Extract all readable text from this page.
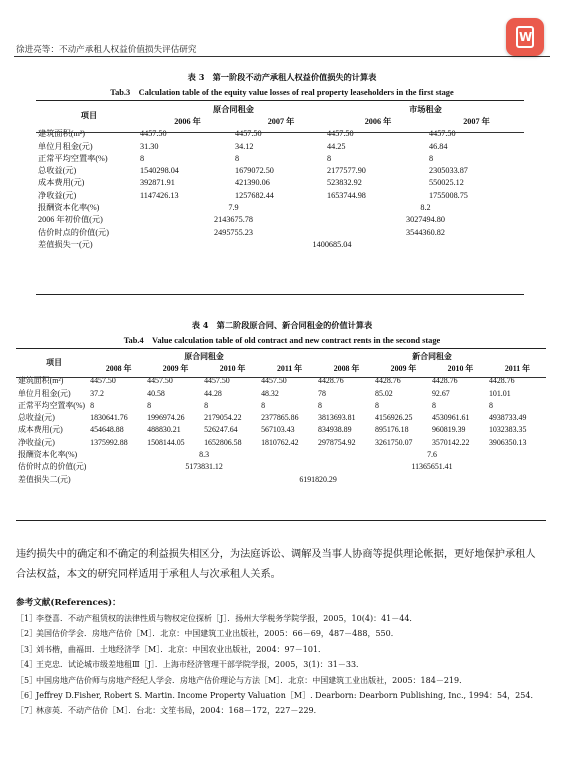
徐进亮等：不动产承租人权益价值损失评估研究
W
表 3　第一阶段不动产承租人权益价值损失的计算表
Tab.3　Calculation table of the equity value losses of real property leaseholders in the first stage
项目	原合同租金		市场租金	
	2006 年	2007 年	2006 年	2007 年
建筑面积(m²)	4457.50	4457.50	4457.50	4457.50
单位月租金(元)	31.30	34.12	44.25	46.84
正常平均空置率(%)	8	8	8	8
总收益(元)	1540298.04	1679072.50	2177577.90	2305033.87
成本费用(元)	392871.91	421390.06	523832.92	550025.12
净收益(元)	1147426.13	1257682.44	1653744.98	1755008.75
报酬资本化率(%)	7.9		8.2	
2006 年初价值(元)	2143675.78		3027494.80	
估价时点的价值(元)	2495755.23		3544360.82	
差值损失一(元)	1400685.04			
表 4　第二阶段原合同、新合同租金的价值计算表
Tab.4　Value calculation table of old contract and new contract rents in the second stage
项目	原合同租金				新合同租金			
	2008 年	2009 年	2010 年	2011 年	2008 年	2009 年	2010 年	2011 年
建筑面积(m²)	4457.50	4457.50	4457.50	4457.50	4428.76	4428.76	4428.76	4428.76
单位月租金(元)	37.2	40.58	44.28	48.32	78	85.02	92.67	101.01
正常平均空置率(%)	8	8	8	8	8	8	8	8
总收益(元)	1830641.76	1996974.26	2179054.22	2377865.86	3813693.81	4156926.25	4530961.61	4938733.49
成本费用(元)	454648.88	488830.21	526247.64	567103.43	834938.89	895176.18	960819.39	1032383.35
净收益(元)	1375992.88	1508144.05	1652806.58	1810762.42	2978754.92	3261750.07	3570142.22	3906350.13
报酬资本化率(%)	8.3				7.6			
估价时点的价值(元)	5173831.12				11365651.41			
差值损失二(元)	6191820.29							
违约损失中的确定和不确定的利益损失相区分，为法庭诉讼、调解及当事人协商等提供理论帐据，更好地保护承租人合法权益，本文的研究同样适用于承租人与次承租人关系。
参考文献(References)：
［1］
李登喜．不动产租赁权的法律性质与物权定位探析［J］．扬州大学税务学院学报，2005，10(4)：41－44．
［2］
美国估价学会．房地产估价［M］．北京：中国建筑工业出版社，2005：66－69，487－488，550．
［3］
刘书楷，曲福田．土地经济学［M］．北京：中国农业出版社，2004：97－101．
［4］
王克忠．试论城市级差地租Ⅲ［J］．上海市经济管理干部学院学报，2005，3(1)：31－33．
［5］
中国房地产估价师与房地产经纪人学会．房地产估价理论与方法［M］．北京：中国建筑工业出版社，2005：184－219．
［6］
Jeffrey D.Fisher, Robert S. Martin. Income Property Valuation［M］. Dearborn: Dearborn Publishing, Inc., 1994：54，254．
［7］
林彦英．不动产估价［M］．台北：文笙书局，2004：168－172，227－229．
